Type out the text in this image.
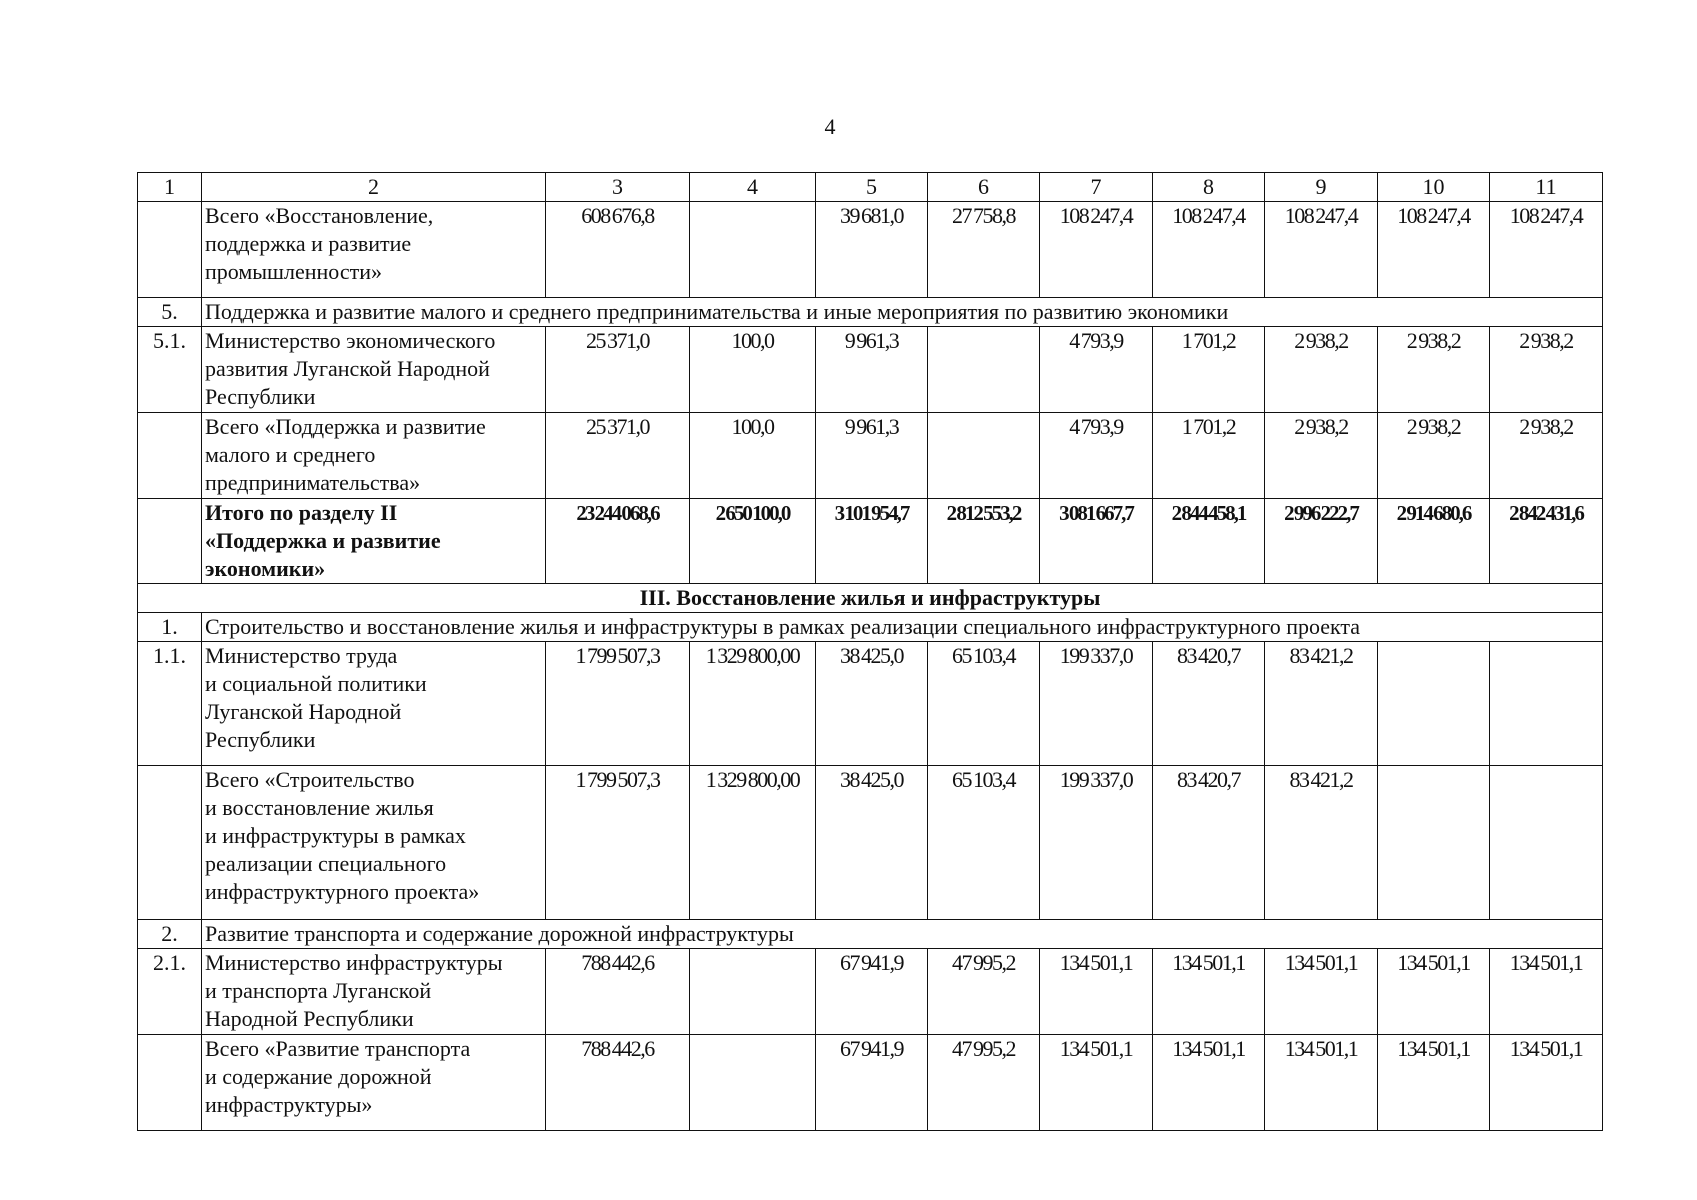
4
1	2	3	4	5	6	7	8	9	10	11
	Всего «Восстановление,
поддержка и развитие
промышленности»	608 676,8		39 681,0	27 758,8	108 247,4	108 247,4	108 247,4	108 247,4	108 247,4
5.	Поддержка и развитие малого и среднего предпринимательства и иные мероприятия по развитию экономики									
5.1.	Министерство экономического
развития Луганской Народной
Республики	25 371,0	100,0	9 961,3		4 793,9	1 701,2	2 938,2	2 938,2	2 938,2
	Всего «Поддержка и развитие
малого и среднего
предпринимательства»	25 371,0	100,0	9 961,3		4 793,9	1 701,2	2 938,2	2 938,2	2 938,2
	Итого по разделу II
«Поддержка и развитие
экономики»	23 244 068,6	2 650 100,0	3 101 954,7	2 812 553,2	3 081 667,7	2 844 458,1	2 996 222,7	2 914 680,6	2 842 431,6
III. Восстановление жилья и инфраструктуры										
1.	Строительство и восстановление жилья и инфраструктуры в рамках реализации специального инфраструктурного проекта									
1.1.	Министерство труда
и социальной политики
Луганской Народной
Республики	1 799 507,3	1 329 800,00	38 425,0	65 103,4	199 337,0	83 420,7	83 421,2		
	Всего «Строительство
и восстановление жилья
и инфраструктуры в рамках
реализации специального
инфраструктурного проекта»	1 799 507,3	1 329 800,00	38 425,0	65 103,4	199 337,0	83 420,7	83 421,2		
2.	Развитие транспорта и содержание дорожной инфраструктуры									
2.1.	Министерство инфраструктуры
и транспорта Луганской
Народной Республики	788 442,6		67 941,9	47 995,2	134 501,1	134 501,1	134 501,1	134 501,1	134 501,1
	Всего «Развитие транспорта
и содержание дорожной
инфраструктуры»	788 442,6		67 941,9	47 995,2	134 501,1	134 501,1	134 501,1	134 501,1	134 501,1
